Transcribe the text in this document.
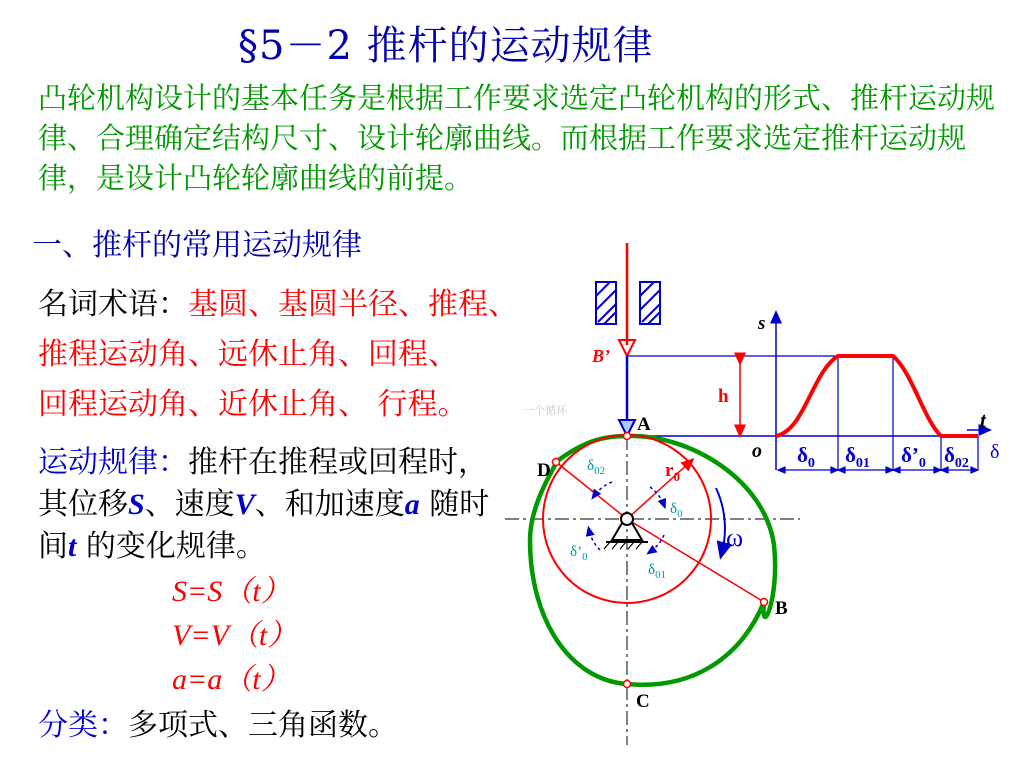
§5－2 推杆的运动规律
凸轮机构设计的基本任务是根据工作要求选定凸轮机构的形式、推杆运动规律、合理确定结构尺寸、设计轮廓曲线。而根据工作要求选定推杆运动规律，是设计凸轮轮廓曲线的前提。
一、推杆的常用运动规律
名词术语：基圆、基圆半径、推程、
推程运动角、远休止角、回程、
回程运动角、近休止角、 行程。
运动规律：推杆在推程或回程时，其位移S、速度V、和加速度a 随时间t 的变化规律。
S=S（t）
V=V（t）
a=a（t）
分类：多项式、三角函数。
一个循环
s
t
o	δ
h
B’
A
B
C
D	$r_0$
ω
$\delta_{02}$
$\delta_0$
$\delta_{01}$
$\delta’_0$
$\delta_0$ $\delta_{01}$ $\delta’_0$ $\delta_{02}$
